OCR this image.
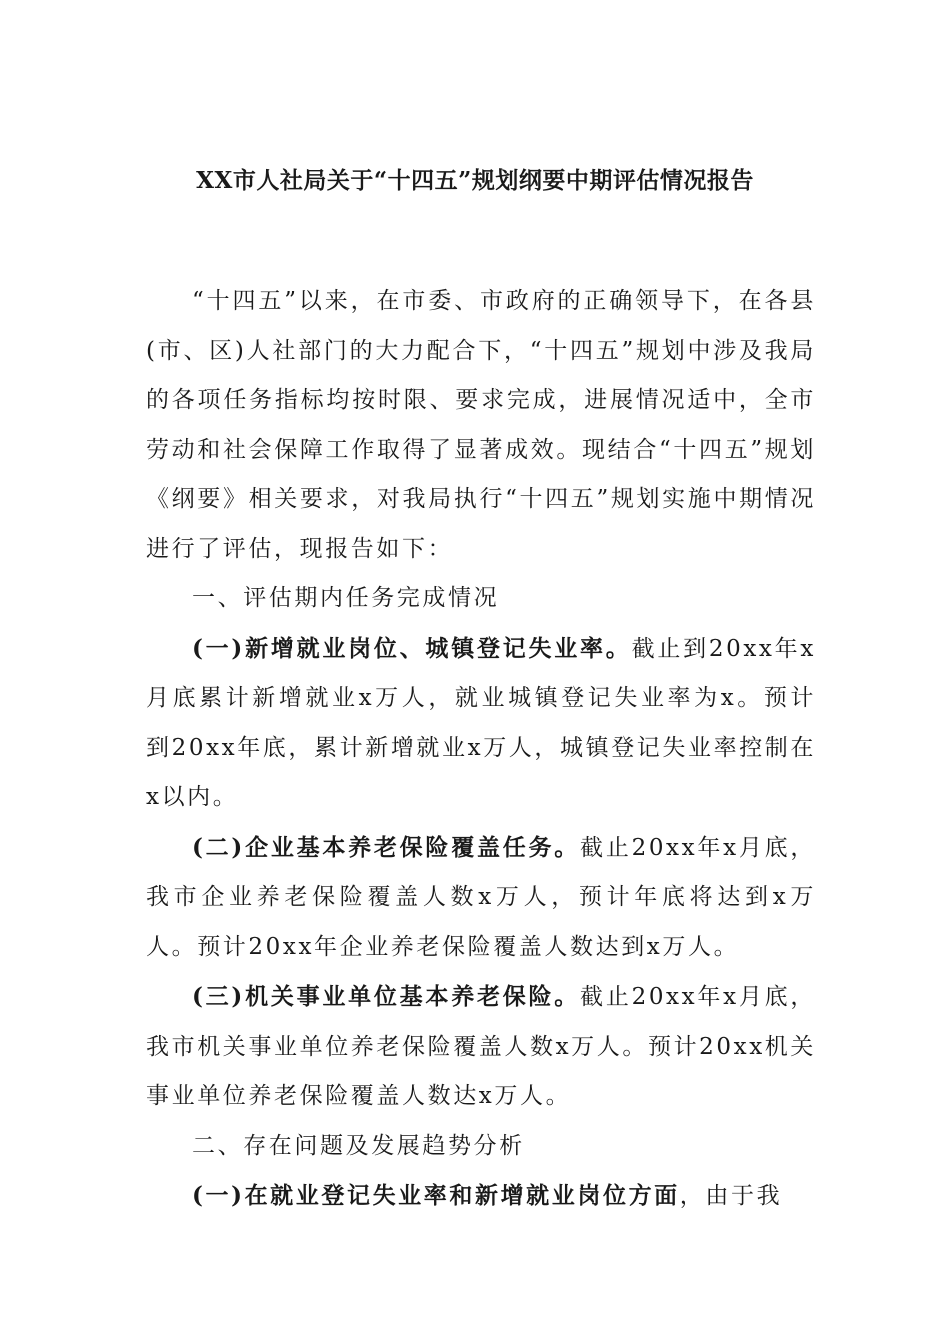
XX市人社局关于“十四五”规划纲要中期评估情况报告

“十四五”以来，在市委、市政府的正确领导下，在各县(市、区)人社部门的大力配合下，“十四五”规划中涉及我局的各项任务指标均按时限、要求完成，进展情况适中，全市劳动和社会保障工作取得了显著成效。现结合“十四五”规划《纲要》相关要求，对我局执行“十四五”规划实施中期情况进行了评估，现报告如下：

一、评估期内任务完成情况

(一)新增就业岗位、城镇登记失业率。截止到20xx年x月底累计新增就业x万人，就业城镇登记失业率为x。预计到20xx年底，累计新增就业x万人，城镇登记失业率控制在x以内。

(二)企业基本养老保险覆盖任务。截止20xx年x月底，我市企业养老保险覆盖人数x万人，预计年底将达到x万人。预计20xx年企业养老保险覆盖人数达到x万人。

(三)机关事业单位基本养老保险。截止20xx年x月底，我市机关事业单位养老保险覆盖人数x万人。预计20xx机关事业单位养老保险覆盖人数达x万人。

二、存在问题及发展趋势分析

(一)在就业登记失业率和新增就业岗位方面，由于我
